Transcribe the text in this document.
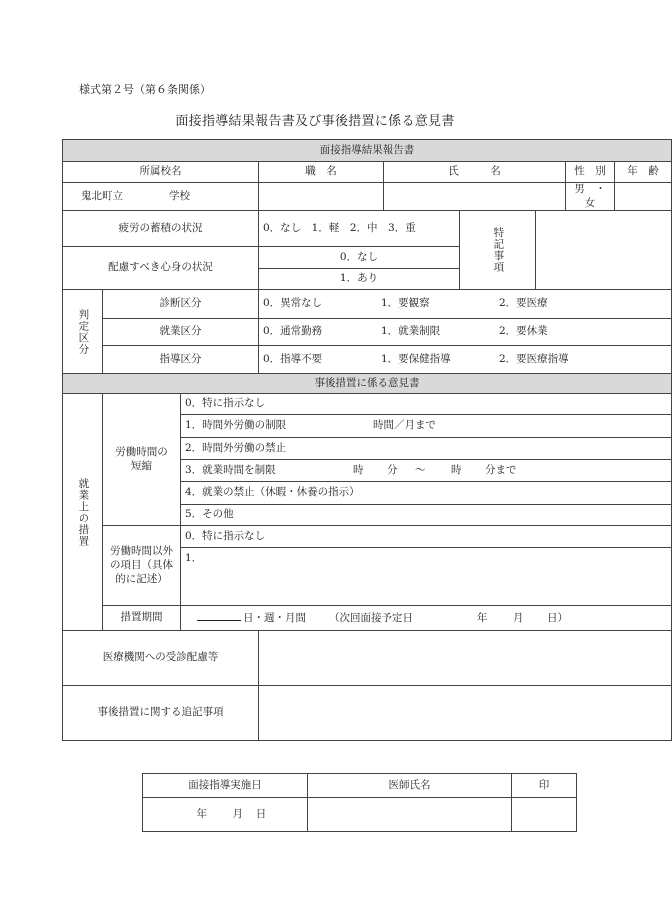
様式第２号（第６条関係）
面接指導結果報告書及び事後措置に係る意見書
面接指導結果報告書								
所属校名			職　名	氏　　　名			性　別	年　齢
鬼北町立 学校							男　・　女	
疲労の蓄積の状況			0．なし　1．軽　2．中　3．重		特記事項			

配慮すべき心身の状況			0．なし					
			1．あり					

判定区分	診断区分		0．異常なし 1．要観察 2．要医療					
	就業区分		0．通常勤務 1．就業制限 2．要休業					
	指導区分		0．指導不要 1．要保健指導 2．要医療指導					
事後措置に係る意見書								

就業上の措置	労働時間の短縮	0．特に指示なし						
		1．時間外労働の制限 時間／月まで						
		2．時間外労働の禁止						
		3．就業時間を制限 時 分 〜 時 分まで						
		4．就業の禁止（休暇・休養の指示）						
		5．その他						
	労働時間以外の項目（具体的に記述）	0．特に指示なし						
		1．						

	措置期間	日・週・月間 （次回面接予定日 年 月 日）						
医療機関への受診配慮等								
事後措置に関する追記事項								
面接指導実施日	医師氏名	印
年 月 日		
